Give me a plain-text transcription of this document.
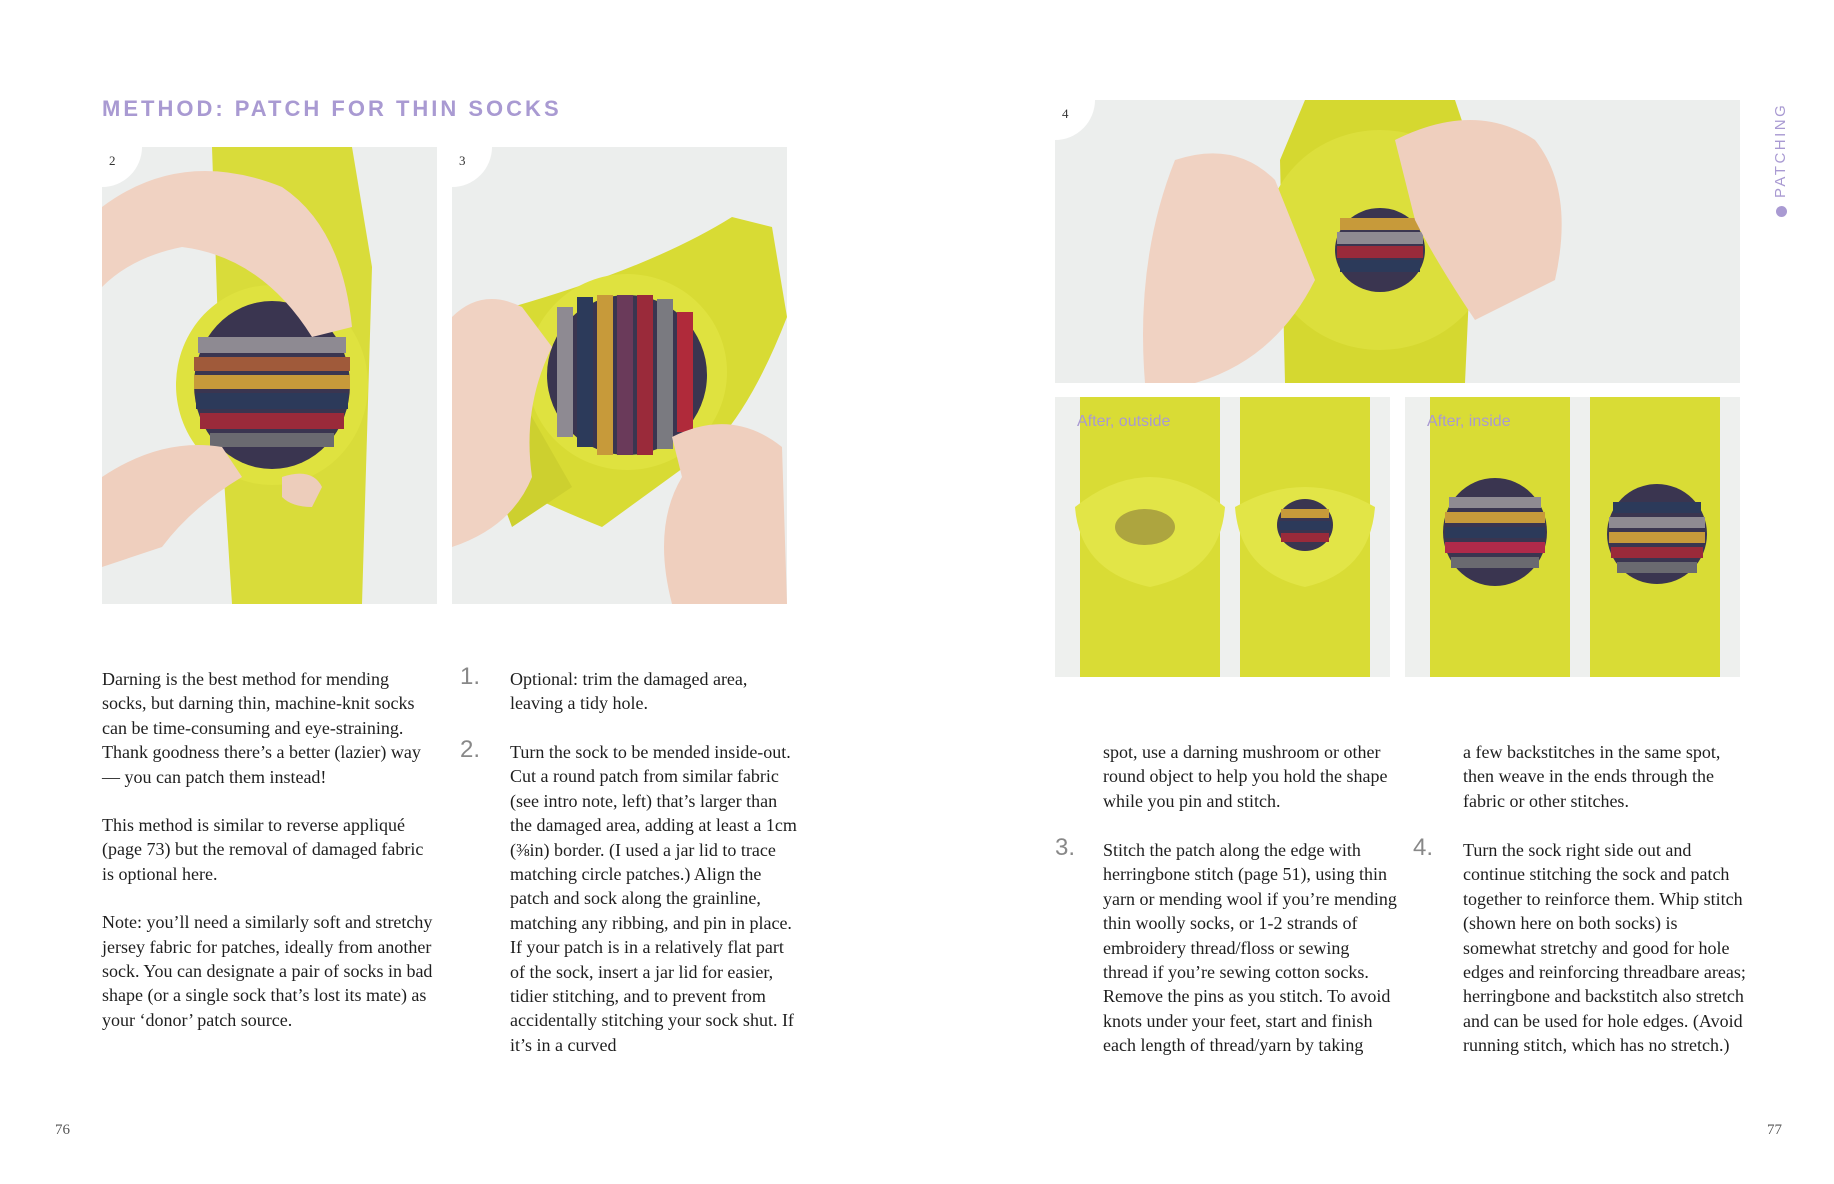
METHOD: PATCH FOR THIN SOCKS
2	3
4
After, outside	After, inside
PATCHING

Darning is the best method for mending socks, but darning thin, machine-knit socks can be time-consuming and eye-straining. Thank goodness there’s a better (lazier) way — you can patch them instead!

This method is similar to reverse appliqué (page 73) but the removal of damaged fabric is optional here.

Note: you’ll need a similarly soft and stretchy jersey fabric for patches, ideally from another sock. You can designate a pair of socks in bad shape (or a single sock that’s lost its mate) as your ‘donor’ patch source.

1. Optional: trim the damaged area, leaving a tidy hole.
2. Turn the sock to be mended inside-out. Cut a round patch from similar fabric (see intro note, left) that’s larger than the damaged area, adding at least a 1cm (⅜in) border. (I used a jar lid to trace matching circle patches.) Align the patch and sock along the grainline, matching any ribbing, and pin in place. If your patch is in a relatively flat part of the sock, insert a jar lid for easier, tidier stitching, and to prevent from accidentally stitching your sock shut. If it’s in a curved
spot, use a darning mushroom or other round object to help you hold the shape while you pin and stitch.
3. Stitch the patch along the edge with herringbone stitch (page 51), using thin yarn or mending wool if you’re mending thin woolly socks, or 1-2 strands of embroidery thread/floss or sewing thread if you’re sewing cotton socks. Remove the pins as you stitch. To avoid knots under your feet, start and finish each length of thread/yarn by taking
a few backstitches in the same spot, then weave in the ends through the fabric or other stitches.
4. Turn the sock right side out and continue stitching the sock and patch together to reinforce them. Whip stitch (shown here on both socks) is somewhat stretchy and good for hole edges and reinforcing threadbare areas; herringbone and backstitch also stretch and can be used for hole edges. (Avoid running stitch, which has no stretch.)
76	77
